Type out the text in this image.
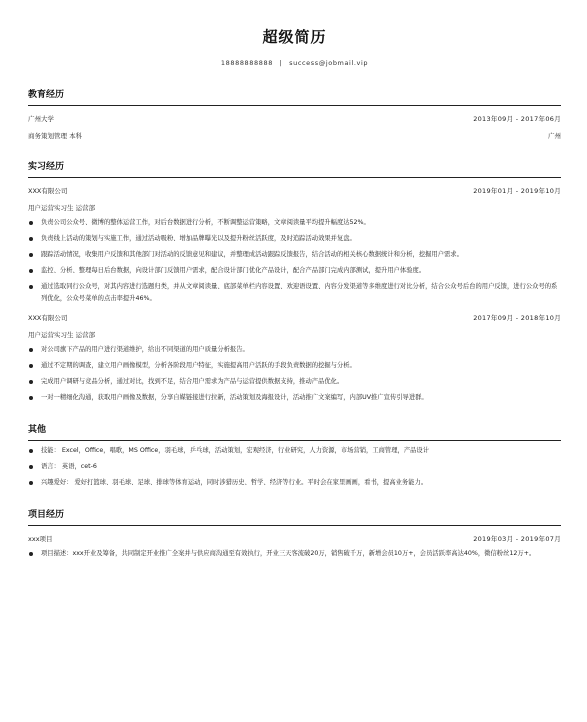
超级简历
18888888888 | success@jobmail.vip
教育经历
广州大学	2013年09月 - 2017年06月
商务策划管理 本科	广州
实习经历
XXX有限公司	2019年01月 - 2019年10月
用户运营实习生 运营部
负责公司公众号、微博的整体运营工作，对后台数据进行分析，不断调整运营策略，文章阅读量平均提升幅度达52%。
负责线上活动的策划与实施工作，通过活动吸粉、增加品牌曝光以及提升粉丝活跃度，及时追踪活动效果并复盘。
跟踪活动情况，收集用户反馈和其他部门对活动的反馈意见和建议，并整理成活动跟踪反馈报告，结合活动的相关核心数据统计和分析，挖掘用户需求。
监控、分析、整理每日后台数据，向设计部门反馈用户需求，配合设计部门优化产品设计，配合产品部门完成内部测试，提升用户体验度。
通过选取同行公众号，对其内容进行选题归类，并从文章阅读量、底部菜单栏内容设置、欢迎语设置、内容分发渠道等多维度进行对比分析，结合公众号后台的用户反馈，进行公众号的系列优化，公众号菜单的点击率提升46%。
XXX有限公司	2017年09月 - 2018年10月
用户运营实习生 运营部
对公司旗下产品的用户进行渠道维护，给出不同渠道的用户质量分析报告。
通过不定期的调查，建立用户画像模型，分析各阶段用户特征，实施提高用户活跃的手段负责数据的挖掘与分析。
完成用户调研与竞品分析，通过对比，找到不足，结合用户需求为产品与运营提供数据支持，推动产品优化。
一对一精细化沟通，获取用户画像及数据，分享自媒链接进行拉新，活动策划及海报设计，活动推广文案编写，内部UV推广宣传引导进群。
其他
技能： Excel，Office，唱歌，MS Office，羽毛球，乒乓球，活动策划，宏观经济，行业研究，人力资源，市场营销，工商管理，产品设计
语言： 英语，cet-6
兴趣爱好： 爱好打篮球、羽毛球、足球、排球等体育运动，同时涉猎历史、哲学、经济等行业。平时会在家里画画，看书，提高业务能力。
项目经历
xxx项目	2019年03月 - 2019年07月
项目描述：xxx开业及筹备，共同制定开业推广全案并与供应商沟通至有效执行，开业三天客流破20万，销售破千万，新增会员10万+，会员活跃率高达40%，微信粉丝12万+。
